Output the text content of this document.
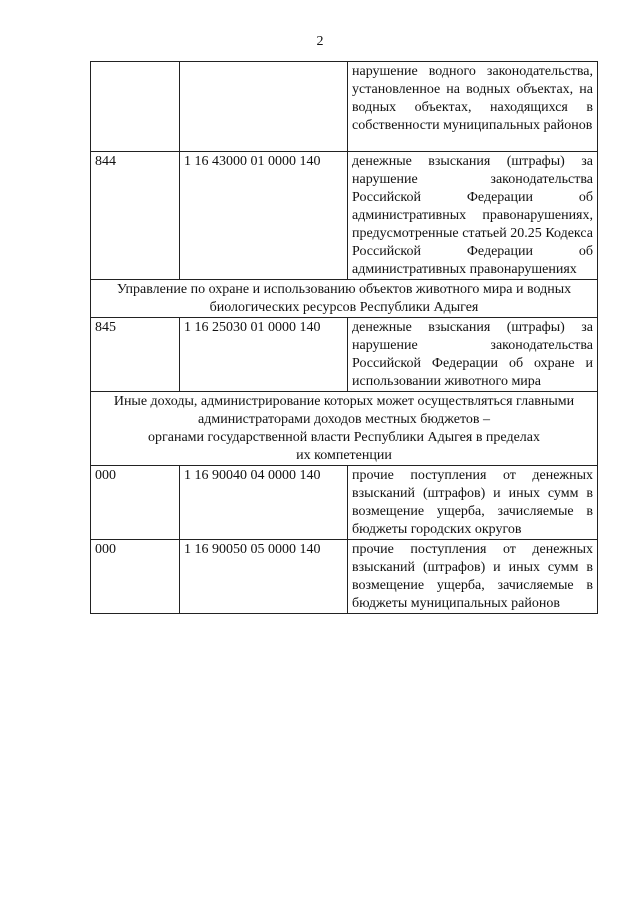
2
		нарушение водного законодательства, установленное на водных объектах, на водных объектах, находящихся в собственности муниципальных районов
844	1 16 43000 01 0000 140	денежные взыскания (штрафы) за нарушение законодательства Российской Федерации об административных правонарушениях, предусмотренные статьей 20.25 Кодекса Российской Федерации об административных правонарушениях

Управление по охране и использованию объектов животного мира и водных
биологических ресурсов Республики Адыгея		

845	1 16 25030 01 0000 140	денежные взыскания (штрафы) за нарушение законодательства Российской Федерации об охране и использовании животного мира

Иные доходы, администрирование которых может осуществляться главными
администраторами доходов местных бюджетов –
органами государственной власти Республики Адыгея в пределах
их компетенции		

000	1 16 90040 04 0000 140	прочие поступления от денежных взысканий (штрафов) и иных сумм в возмещение ущерба, зачисляемые в бюджеты городских округов
000	1 16 90050 05 0000 140	прочие поступления от денежных взысканий (штрафов) и иных сумм в возмещение ущерба, зачисляемые в бюджеты муниципальных районов
